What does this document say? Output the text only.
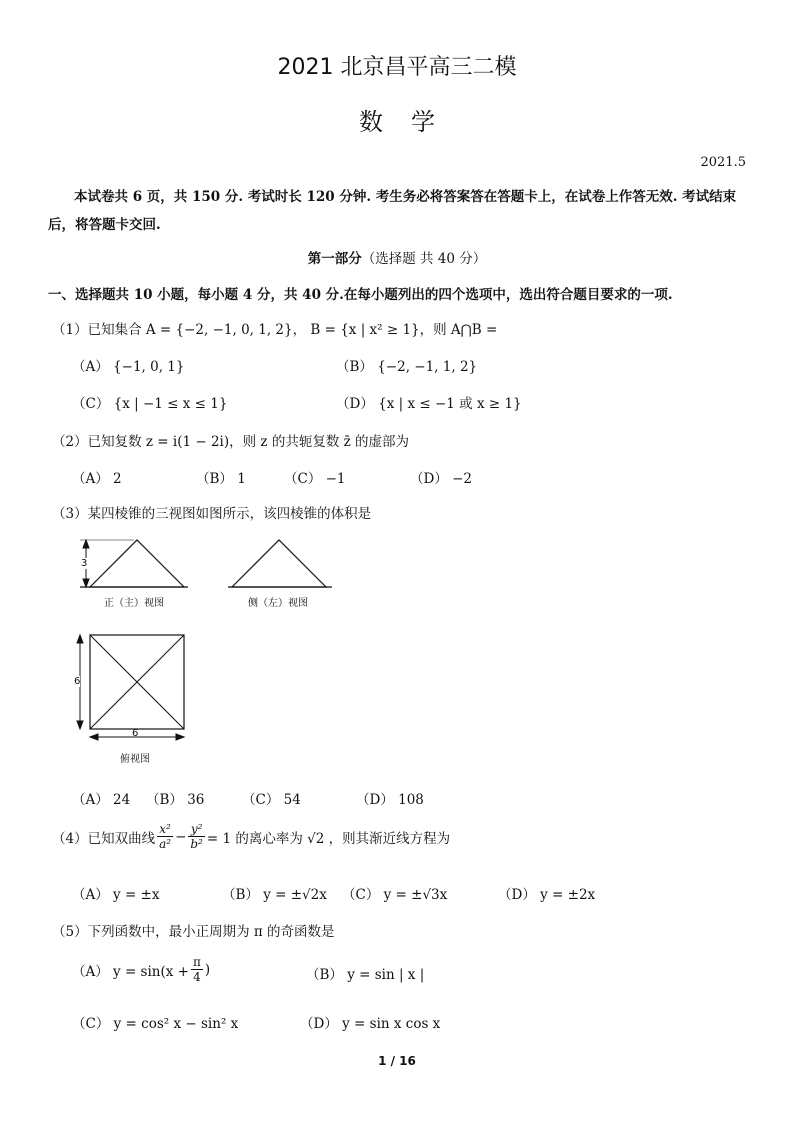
2021 北京昌平高三二模
数学
2021.5
本试卷共 6 页，共 150 分. 考试时长 120 分钟. 考生务必将答案答在答题卡上，在试卷上作答无效. 考试结束后，将答题卡交回.
第一部分（选择题 共 40 分）
一、选择题共 10 小题，每小题 4 分，共 40 分.在每小题列出的四个选项中，选出符合题目要求的一项.
（1）已知集合 A = {−2, −1, 0, 1, 2}， B = {x | x² ≥ 1}，则 A⋂B =
（A） {−1, 0, 1}	（B） {−2, −1, 1, 2}
（C） {x | −1 ≤ x ≤ 1}	（D） {x | x ≤ −1 或 x ≥ 1}
（2）已知复数 z = i(1 − 2i)，则 z 的共轭复数 z̄ 的虚部为
（A） 2	（B） 1	（C） −1	（D） −2
（3）某四棱锥的三视图如图所示，该四棱锥的体积是
3
正（主）视图	侧（左）视图
6
6
俯视图
（A） 24 （B） 36	（C） 54	（D） 108
（4）已知双曲线 $\frac{\text{x²}}{\text{a²}} - \frac{\text{y²}}{\text{b²}} = 1$ 的离心率为 √2 ，则其渐近线方程为
（A） y = ±x	（B） y = ±√2x （C） y = ±√3x	（D） y = ±2x
（5）下列函数中，最小正周期为 π 的奇函数是
（A） $y = \sin(x + \frac{\pi}{4}$ )	（B） y = sin | x |
（C） y = cos² x − sin² x	（D） y = sin x cos x
1 / 16
